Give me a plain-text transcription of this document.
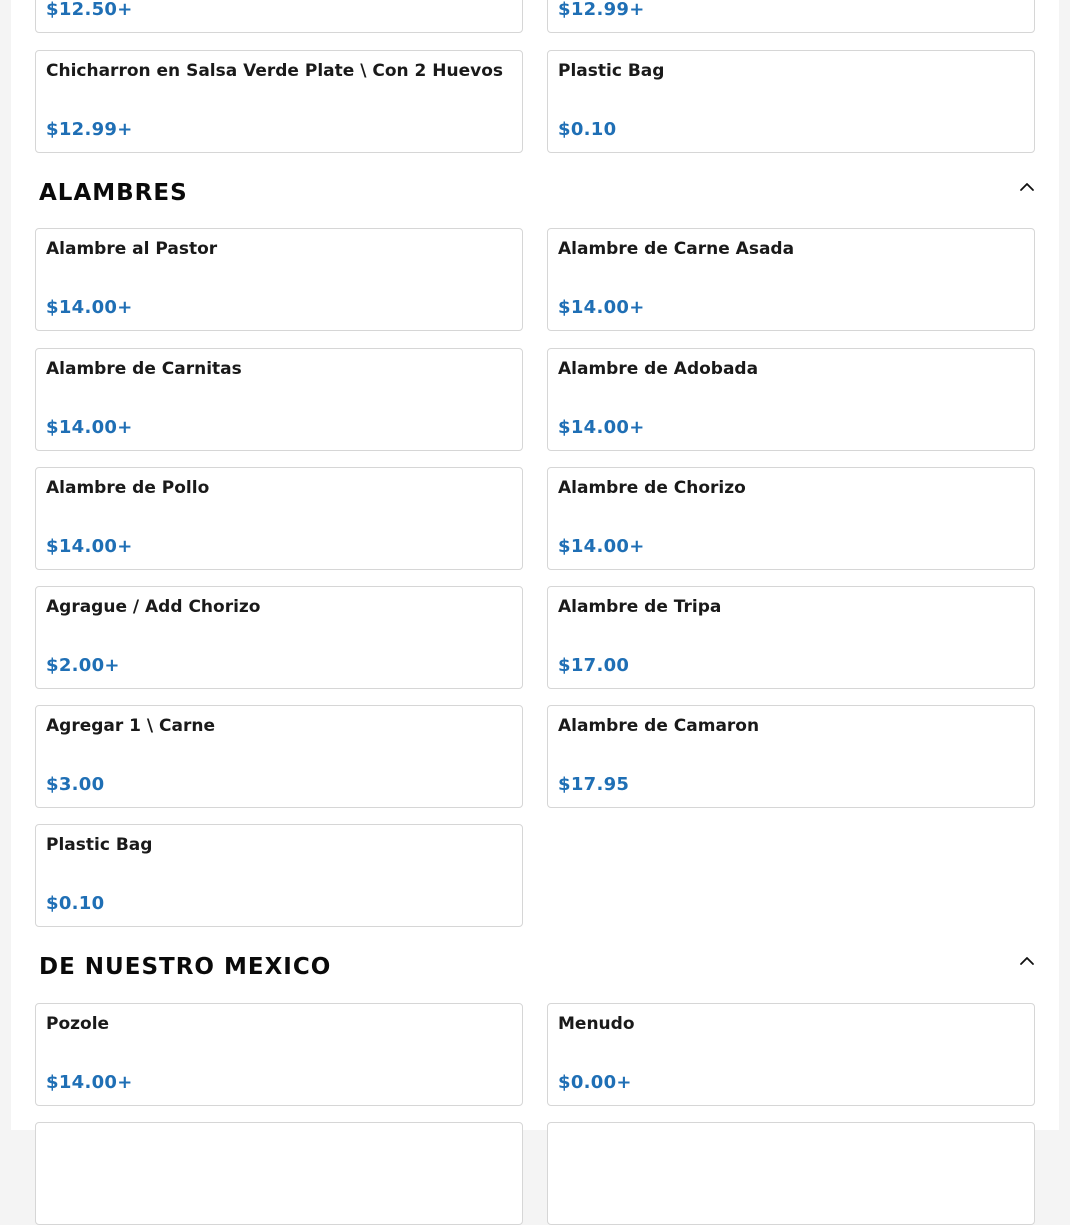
$12.50+	$12.99+
Chicharron en Salsa Verde Plate \ Con 2 Huevos
$12.99+
Plastic Bag
$0.10
ALAMBRES
Alambre al Pastor
$14.00+
Alambre de Carne Asada
$14.00+
Alambre de Carnitas
$14.00+
Alambre de Adobada
$14.00+
Alambre de Pollo
$14.00+
Alambre de Chorizo
$14.00+
Agrague / Add Chorizo
$2.00+
Alambre de Tripa
$17.00
Agregar 1 \ Carne
$3.00
Alambre de Camaron
$17.95
Plastic Bag
$0.10
DE NUESTRO MEXICO
Pozole
$14.00+
Menudo
$0.00+
